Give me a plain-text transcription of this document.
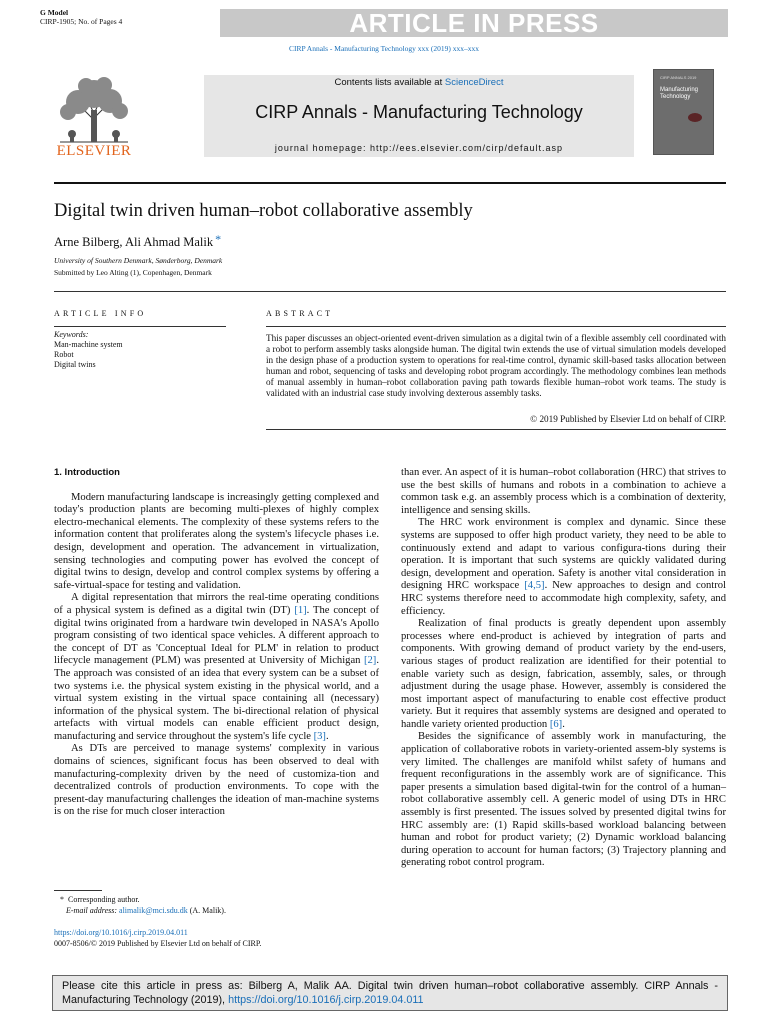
G Model
CIRP-1905; No. of Pages 4	ARTICLE IN PRESS
CIRP Annals - Manufacturing Technology xxx (2019) xxx–xxx
ELSEVIER
Contents lists available at ScienceDirect
CIRP Annals - Manufacturing Technology
journal homepage: http://ees.elsevier.com/cirp/default.asp
CIRP ANNALS 2019
Manufacturing
Technology
Digital twin driven human–robot collaborative assembly
Arne Bilberg, Ali Ahmad Malik *
University of Southern Denmark, Sønderborg, Denmark
Submitted by Leo Alting (1), Copenhagen, Denmark
ARTICLE INFO	ABSTRACT
Keywords:
Man-machine system
Robot
Digital twins
This paper discusses an object-oriented event-driven simulation as a digital twin of a flexible assembly cell coordinated with a robot to perform assembly tasks alongside human. The digital twin extends the use of virtual simulation models developed in the design phase of a production system to operations for real-time control, dynamic skill-based tasks allocation between human and robot, sequencing of tasks and developing robot program accordingly. The methodology combines lean methods of manual assembly in human–robot collaboration paving path towards flexible human–robot work teams. The study is validated with an industrial case study involving dexterous assembly tasks.
© 2019 Published by Elsevier Ltd on behalf of CIRP.
1. Introduction

Modern manufacturing landscape is increasingly getting complexed and today's production plants are becoming multi-plexes of highly complex electro-mechanical elements. The complexity of these systems refers to the information content that proliferates along the system's lifecycle phases i.e. design, development and operation. The advancement in virtualization, sensing technologies and computing power has evolved the concept of digital twins to design, develop and control complex systems by offering a safe-virtual-space for testing and validation.

A digital representation that mirrors the real-time operating conditions of a physical system is defined as a digital twin (DT) [1]. The concept of digital twins originated from a hardware twin developed in NASA's Apollo program consisting of two identical space vehicles. A different approach to the concept of DT as 'Conceptual Ideal for PLM' in relation to product lifecycle management (PLM) was presented at University of Michigan [2]. The approach was consisted of an idea that every system can be a subset of two systems i.e. the physical system existing in the physical world, and a virtual system existing in the virtual space containing all (necessary) information of the physical system. The bi-directional relation of physical artefacts with virtual models can enable efficient product design, manufacturing and service throughout the system's life cycle [3].

As DTs are perceived to manage systems' complexity in various domains of sciences, significant focus has been observed to deal with manufacturing-complexity driven by the need of customiza-tion and decentralized controls of production environments. To cope with the present-day manufacturing challenges the ideation of man-machine systems is on the rise for much closer interaction

than ever. An aspect of it is human–robot collaboration (HRC) that strives to use the best skills of humans and robots in a combination to achieve a common task e.g. an assembly process which is a combination of dexterity, intelligence and sensing skills.

The HRC work environment is complex and dynamic. Since these systems are supposed to offer high product variety, they need to be able to continuously extend and adapt to various configura-tions during their operation. It is important that such systems are quickly validated during design, development and operation. Safety is another vital consideration in designing HRC workspace [4,5]. New approaches to design and control HRC systems therefore need to accommodate high complexity, safety, and efficiency.

Realization of final products is greatly dependent upon assembly processes where end-product is achieved by integration of parts and components. With growing demand of product variety by the end-users, various stages of product realization are identified for their potential to enable variety such as design, fabrication, assembly, sales, or through adjustment during the usage phase. However, assembly is considered the most important aspect of manufacturing to enable cost effective product variety. But it requires that assembly systems are designed and operated to handle variety oriented production [6].

Besides the significance of assembly work in manufacturing, the application of collaborative robots in variety-oriented assem-bly systems is very limited. The challenges are manifold whilst safety of humans and frequent reconfigurations in the assembly work are of significance. This paper presents a simulation based digital-twin for the control of a human–robot collaborative assembly cell. A generic model of using DTs in HRC assembly is first presented. The issues solved by presented digital twins for HRC assembly are: (1) Rapid skills-based workload balancing between human and robot for product variety; (2) Dynamic workload balancing during operation to account for human factors; (3) Trajectory planning and generating robot control program.

* Corresponding author.
E-mail address: alimalik@mci.sdu.dk (A. Malik).
https://doi.org/10.1016/j.cirp.2019.04.011
0007-8506/© 2019 Published by Elsevier Ltd on behalf of CIRP.
Please cite this article in press as: Bilberg A, Malik AA. Digital twin driven human–robot collaborative assembly. CIRP Annals - Manufacturing Technology (2019), https://doi.org/10.1016/j.cirp.2019.04.011
